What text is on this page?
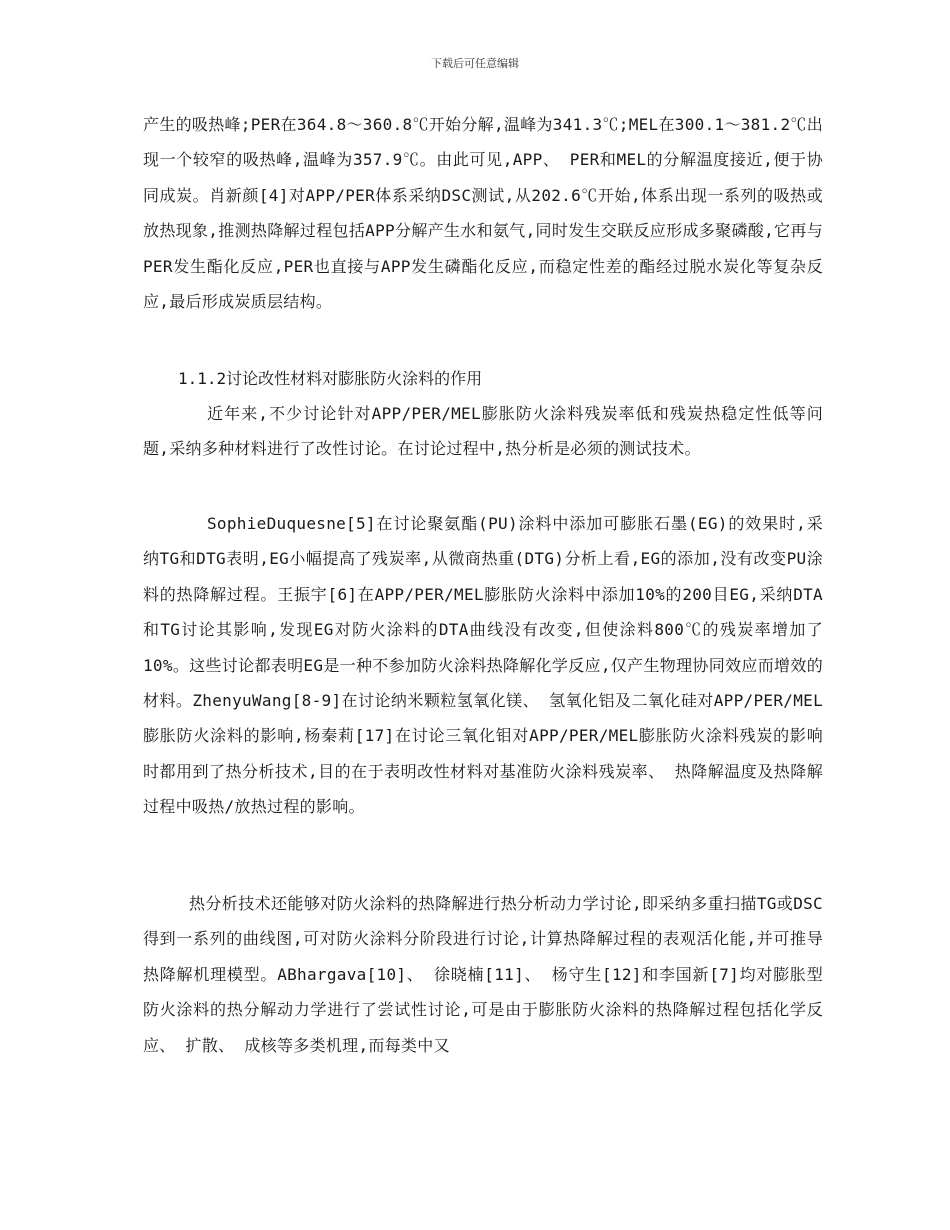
下载后可任意编辑
产生的吸热峰;PER在364.8～360.8℃开始分解,温峰为341.3℃;MEL在300.1～381.2℃出现一个较窄的吸热峰,温峰为357.9℃。由此可见,APP、 PER和MEL的分解温度接近,便于协同成炭。肖新颜[4]对APP/PER体系采纳DSC测试,从202.6℃开始,体系出现一系列的吸热或放热现象,推测热降解过程包括APP分解产生水和氨气,同时发生交联反应形成多聚磷酸,它再与PER发生酯化反应,PER也直接与APP发生磷酯化反应,而稳定性差的酯经过脱水炭化等复杂反应,最后形成炭质层结构。
1.1.2讨论改性材料对膨胀防火涂料的作用
近年来,不少讨论针对APP/PER/MEL膨胀防火涂料残炭率低和残炭热稳定性低等问题,采纳多种材料进行了改性讨论。在讨论过程中,热分析是必须的测试技术。
SophieDuquesne[5]在讨论聚氨酯(PU)涂料中添加可膨胀石墨(EG)的效果时,采纳TG和DTG表明,EG小幅提高了残炭率,从微商热重(DTG)分析上看,EG的添加,没有改变PU涂料的热降解过程。王振宇[6]在APP/PER/MEL膨胀防火涂料中添加10%的200目EG,采纳DTA和TG讨论其影响,发现EG对防火涂料的DTA曲线没有改变,但使涂料800℃的残炭率增加了10%。这些讨论都表明EG是一种不参加防火涂料热降解化学反应,仅产生物理协同效应而增效的材料。ZhenyuWang[8-9]在讨论纳米颗粒氢氧化镁、 氢氧化铝及二氧化硅对APP/PER/MEL膨胀防火涂料的影响,杨秦莉[17]在讨论三氧化钼对APP/PER/MEL膨胀防火涂料残炭的影响时都用到了热分析技术,目的在于表明改性材料对基准防火涂料残炭率、 热降解温度及热降解过程中吸热/放热过程的影响。
热分析技术还能够对防火涂料的热降解进行热分析动力学讨论,即采纳多重扫描TG或DSC得到一系列的曲线图,可对防火涂料分阶段进行讨论,计算热降解过程的表观活化能,并可推导热降解机理模型。ABhargava[10]、 徐晓楠[11]、 杨守生[12]和李国新[7]均对膨胀型防火涂料的热分解动力学进行了尝试性讨论,可是由于膨胀防火涂料的热降解过程包括化学反应、 扩散、 成核等多类机理,而每类中又
